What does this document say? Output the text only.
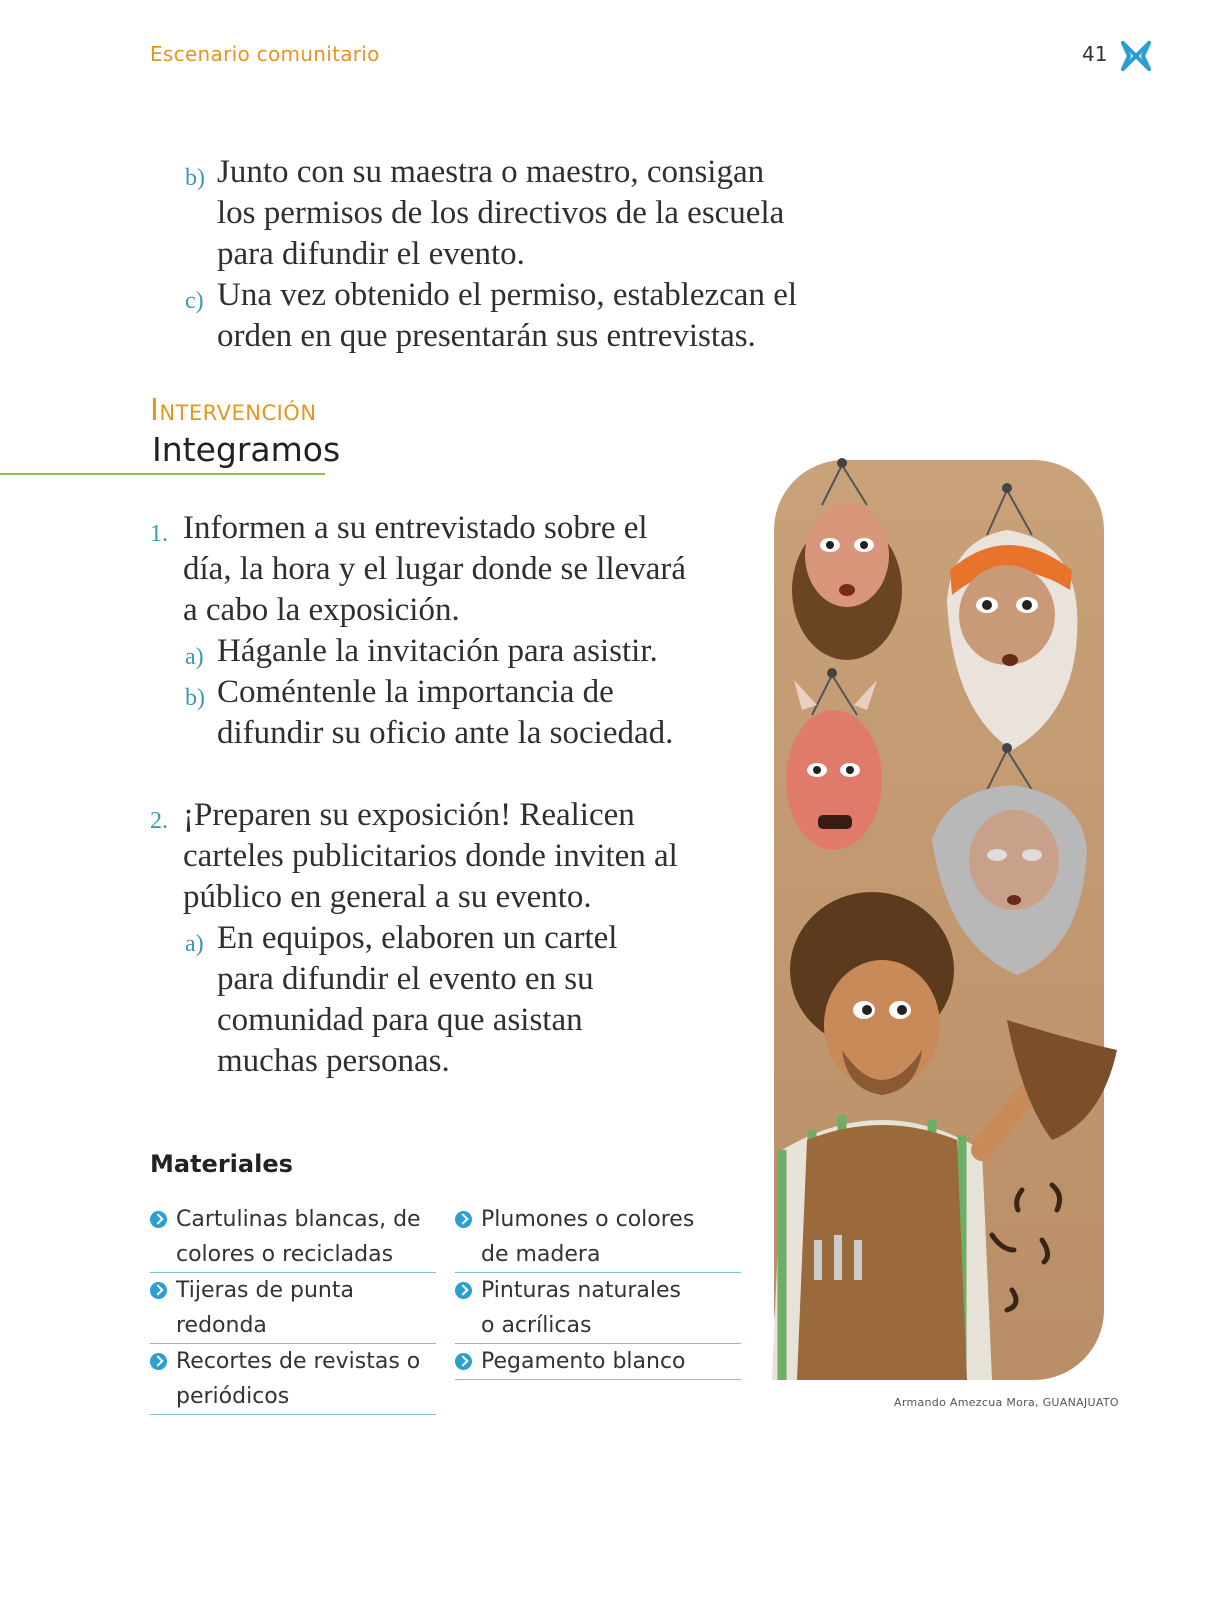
Escenario comunitario	41
b) Junto con su maestra o maestro, consigan
los permisos de los directivos de la escuela
para difundir el evento.
c) Una vez obtenido el permiso, establezcan el
orden en que presentarán sus entrevistas.
Intervención
Integramos
1. Informen a su entrevistado sobre el
día, la hora y el lugar donde se llevará
a cabo la exposición.
a) Háganle la invitación para asistir.
b) Coméntenle la importancia de
difundir su oficio ante la sociedad.
2. ¡Preparen su exposición! Realicen
carteles publicitarios donde inviten al
público en general a su evento.
a) En equipos, elaboren un cartel
para difundir el evento en su
comunidad para que asistan
muchas personas.
Materiales
Cartulinas blancas, de
colores o recicladas
Tijeras de punta redonda
Recortes de revistas o
periódicos
Plumones o colores
de madera
Pinturas naturales
o acrílicas
Pegamento blanco
Armando Amezcua Mora, GUANAJUATO
